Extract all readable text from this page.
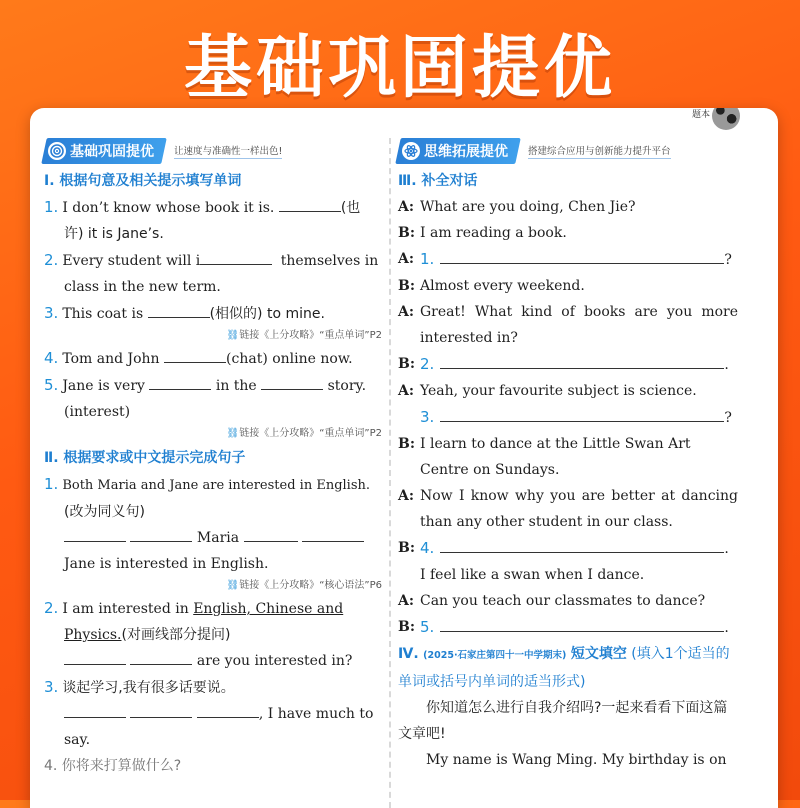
基础巩固提优
题本
基础巩固提优 让速度与准确性一样出色!
Ⅰ. 根据句意及相关提示填写单词
1. I don’t know whose book it is.	(也
许) it is Jane’s.
2. Every student will i	themselves in
class in the new term.
3. This coat is	(相似的) to mine.
⛓链接《上分攻略》“重点单词”P2
4. Tom and John	(chat) online now.
5. Jane is very	in the	story.
(interest)
⛓链接《上分攻略》“重点单词”P2
Ⅱ. 根据要求或中文提示完成句子
1. Both Maria and Jane are interested in English.
(改为同义句)
Maria
Jane is interested in English.
⛓链接《上分攻略》“核心语法”P6
2. I am interested in English, Chinese and
Physics.(对画线部分提问)
are you interested in?
3. 谈起学习,我有很多话要说。
, I have much to
say.
4. 你将来打算做什么?
思维拓展提优 搭建综合应用与创新能力提升平台
Ⅲ. 补全对话
A: What are you doing, Chen Jie?
B: I am reading a book.
A: 1.	?
B: Almost every weekend.
A: Great! What kind of books are you more interested in?
B: 2.	.
A: Yeah, your favourite subject is science.
3.	?
B: I learn to dance at the Little Swan Art Centre on Sundays.
A: Now I know why you are better at dancing than any other student in our class.
B: 4.	.
I feel like a swan when I dance.
A: Can you teach our classmates to dance?
B: 5.	.
Ⅳ. (2025·石家庄第四十一中学期末) 短文填空 (填入1个适当的单词或括号内单词的适当形式)
你知道怎么进行自我介绍吗?一起来看看下面这篇文章吧!
My name is Wang Ming. My birthday is on
